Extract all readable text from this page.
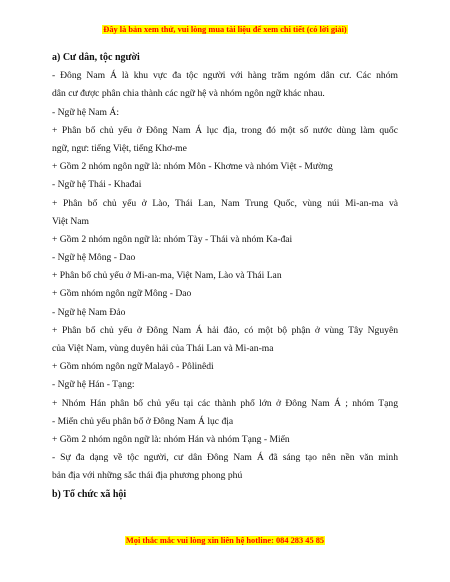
Đây là bản xem thử, vui lòng mua tài liệu để xem chi tiết (có lời giải)
a) Cư dân, tộc người
- Đông Nam Á là khu vực đa tộc người với hàng trăm ngóm dân cư. Các nhóm
dân cư được phân chia thành các ngữ hệ và nhóm ngôn ngữ khác nhau.
- Ngữ hệ Nam Á:
+ Phân bố chủ yếu ở Đông Nam Á lục địa, trong đó một số nước dùng làm quốc
ngữ, ngư: tiếng Việt, tiếng Khơ-me
+ Gồm 2 nhóm ngôn ngữ là: nhóm Môn - Khơme và nhóm Việt - Mường
- Ngữ hệ Thái - Khađai
+ Phân bố chủ yếu ở Lào, Thái Lan, Nam Trung Quốc, vùng núi Mi-an-ma và
Việt Nam
+ Gồm 2 nhóm ngôn ngữ là: nhóm Tày - Thái và nhóm Ka-đai
- Ngữ hệ Mông - Dao
+ Phân bố chủ yếu ở Mi-an-ma, Việt Nam, Lào và Thái Lan
+ Gồm nhóm ngôn ngữ Mông - Dao
- Ngữ hệ Nam Đảo
+ Phân bố chủ yếu ở Đông Nam Á hải đảo, có một bộ phận ở vùng Tây Nguyên
của Việt Nam, vùng duyên hải của Thái Lan và Mi-an-ma
+ Gồm nhóm ngôn ngữ Malayô - Pôlinêdi
- Ngữ hệ Hán - Tạng:
+ Nhóm Hán phân bố chủ yếu tại các thành phố lớn ở Đông Nam Á ; nhóm Tạng
- Miến chủ yếu phân bố ở Đông Nam Á lục địa
+ Gồm 2 nhóm ngôn ngữ là: nhóm Hán và nhóm Tạng - Miến
- Sự đa dạng về tộc người, cư dân Đông Nam Á đã sáng tạo nên nền văn minh
bản địa với những sắc thái địa phương phong phú
b) Tổ chức xã hội
Mọi thắc mắc vui lòng xin liên hệ hotline: 084 283 45 85
